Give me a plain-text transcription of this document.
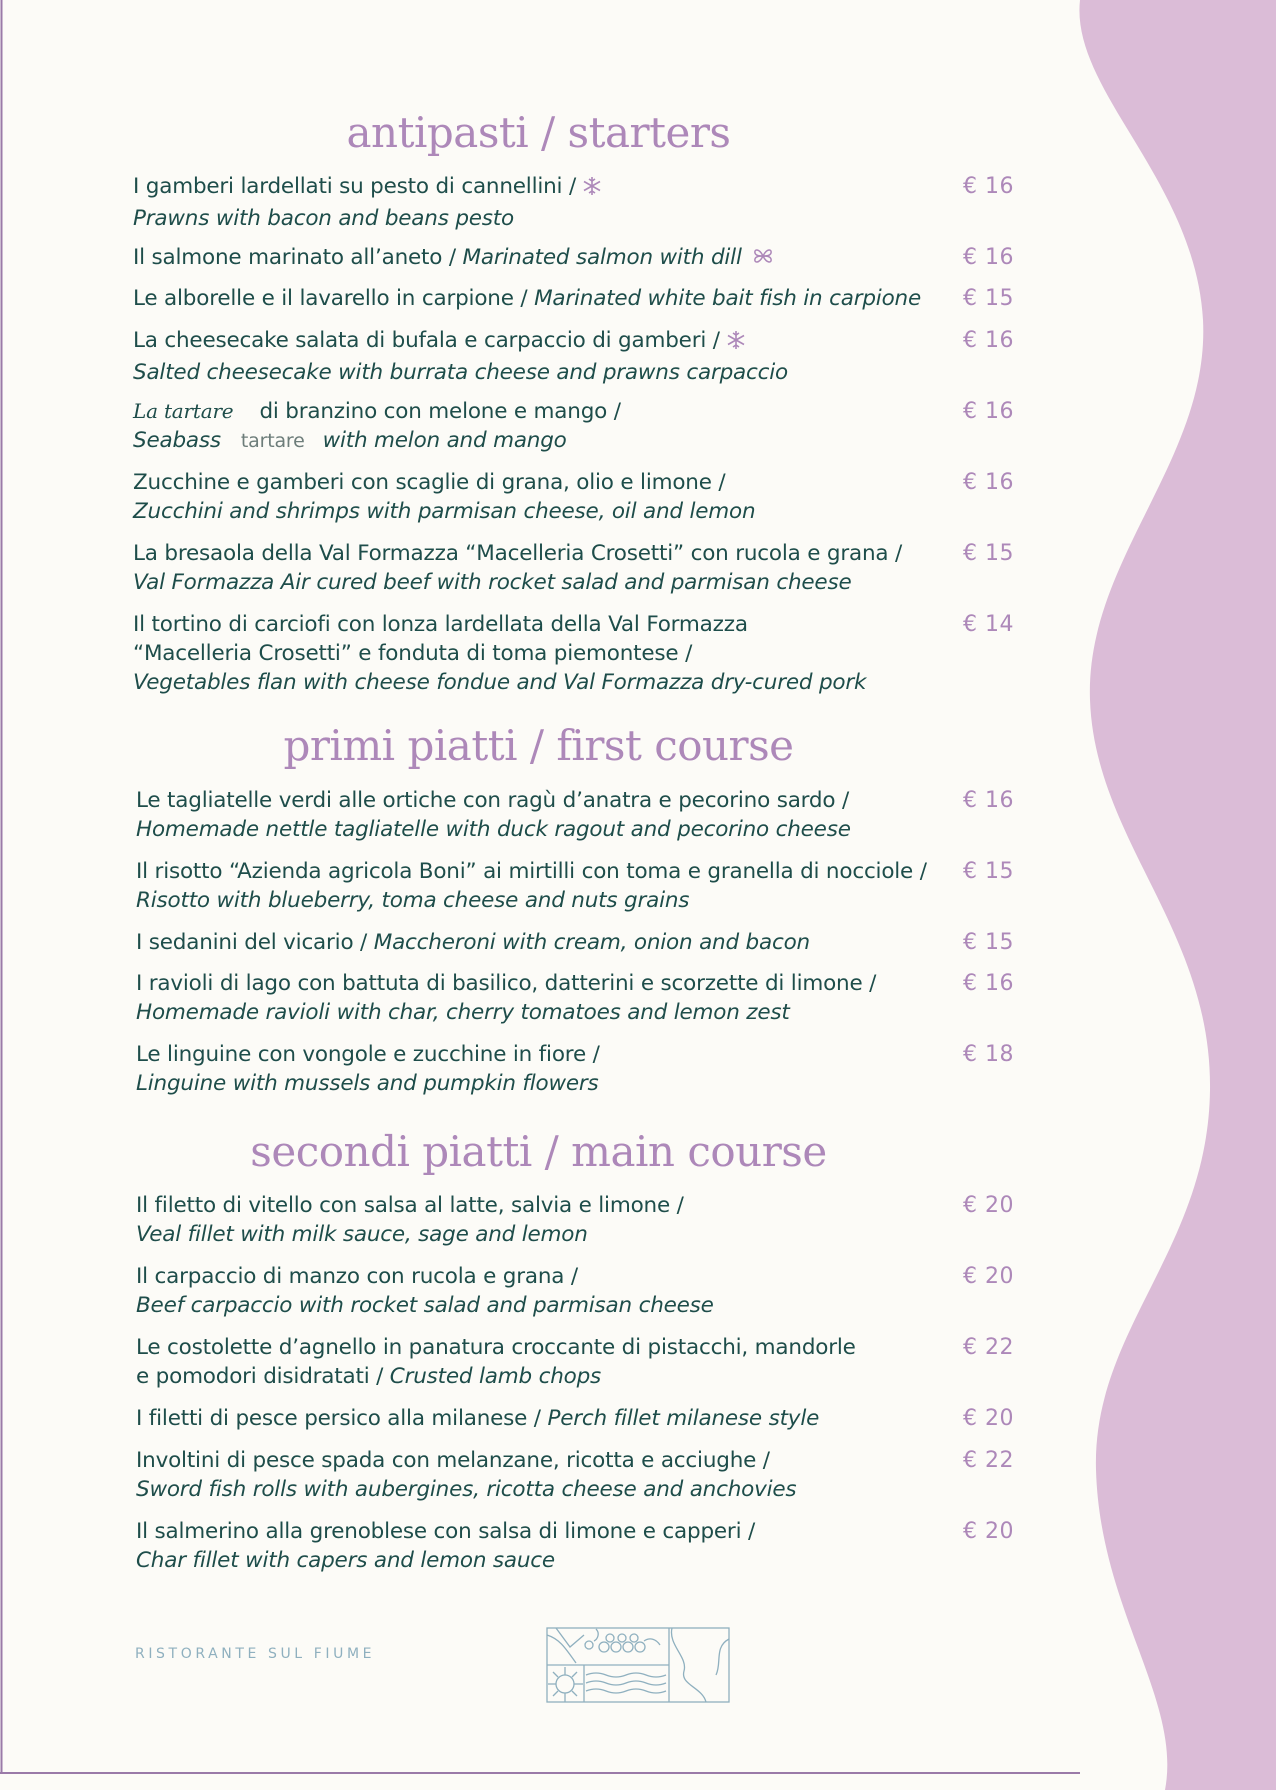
antipasti / starters
I gamberi lardellati su pesto di cannellini /
Prawns with bacon and beans pesto
€ 16
Il salmone marinato all’aneto / Marinated salmon with dill	€ 16
Le alborelle e il lavarello in carpione / Marinated white bait fish in carpione	€ 15
La cheesecake salata di bufala e carpaccio di gamberi /
Salted cheesecake with burrata cheese and prawns carpaccio
€ 16
La tartare di branzino con melone e mango /
Seabass tartare with melon and mango
€ 16
Zucchine e gamberi con scaglie di grana, olio e limone /
Zucchini and shrimps with parmisan cheese, oil and lemon
€ 16
La bresaola della Val Formazza “Macelleria Crosetti” con rucola e grana /
Val Formazza Air cured beef with rocket salad and parmisan cheese
€ 15
Il tortino di carciofi con lonza lardellata della Val Formazza
“Macelleria Crosetti” e fonduta di toma piemontese /
Vegetables flan with cheese fondue and Val Formazza dry-cured pork
€ 14
primi piatti / first course
Le tagliatelle verdi alle ortiche con ragù d’anatra e pecorino sardo /
Homemade nettle tagliatelle with duck ragout and pecorino cheese
€ 16
Il risotto “Azienda agricola Boni” ai mirtilli con toma e granella di nocciole /
Risotto with blueberry, toma cheese and nuts grains
€ 15
I sedanini del vicario / Maccheroni with cream, onion and bacon	€ 15
I ravioli di lago con battuta di basilico, datterini e scorzette di limone /
Homemade ravioli with char, cherry tomatoes and lemon zest
€ 16
Le linguine con vongole e zucchine in fiore /
Linguine with mussels and pumpkin flowers
€ 18
secondi piatti / main course
Il filetto di vitello con salsa al latte, salvia e limone /
Veal fillet with milk sauce, sage and lemon
€ 20
Il carpaccio di manzo con rucola e grana /
Beef carpaccio with rocket salad and parmisan cheese
€ 20
Le costolette d’agnello in panatura croccante di pistacchi, mandorle
e pomodori disidratati / Crusted lamb chops
€ 22
I filetti di pesce persico alla milanese / Perch fillet milanese style	€ 20
Involtini di pesce spada con melanzane, ricotta e acciughe /
Sword fish rolls with aubergines, ricotta cheese and anchovies
€ 22
Il salmerino alla grenoblese con salsa di limone e capperi /
Char fillet with capers and lemon sauce
€ 20
RISTORANTE SUL FIUME
